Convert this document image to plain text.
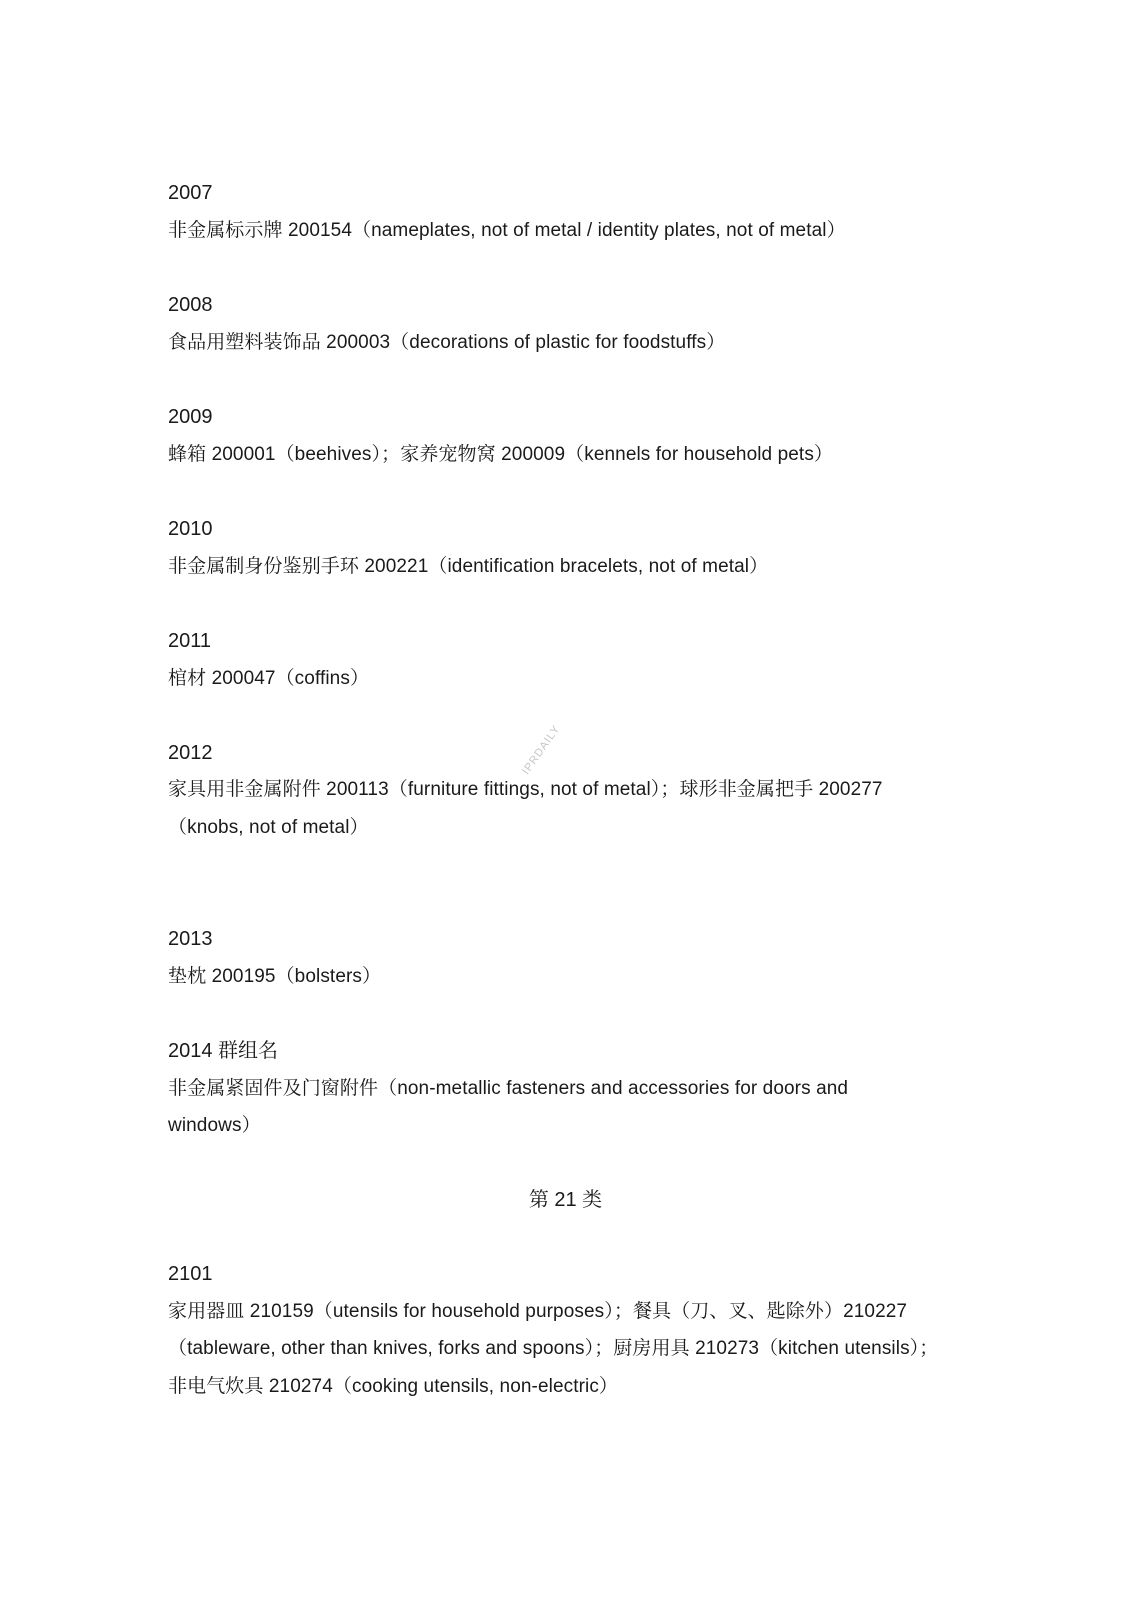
2007
非金属标示牌 200154（nameplates, not of metal / identity plates, not of metal）
2008
食品用塑料装饰品 200003（decorations of plastic for foodstuffs）
2009
蜂箱 200001（beehives）；家养宠物窝 200009（kennels for household pets）
2010
非金属制身份鉴别手环 200221（identification bracelets, not of metal）
2011
棺材 200047（coffins）
2012
家具用非金属附件 200113（furniture fittings, not of metal）；球形非金属把手 200277
（knobs, not of metal）
2013
垫枕 200195（bolsters）
2014 群组名
非金属紧固件及门窗附件（non-metallic fasteners and accessories for doors and
windows）
第 21 类
2101
家用器皿 210159（utensils for household purposes）；餐具（刀、叉、匙除外）210227
（tableware, other than knives, forks and spoons）；厨房用具 210273（kitchen utensils）；
非电气炊具 210274（cooking utensils, non-electric）
IPRDAILY
